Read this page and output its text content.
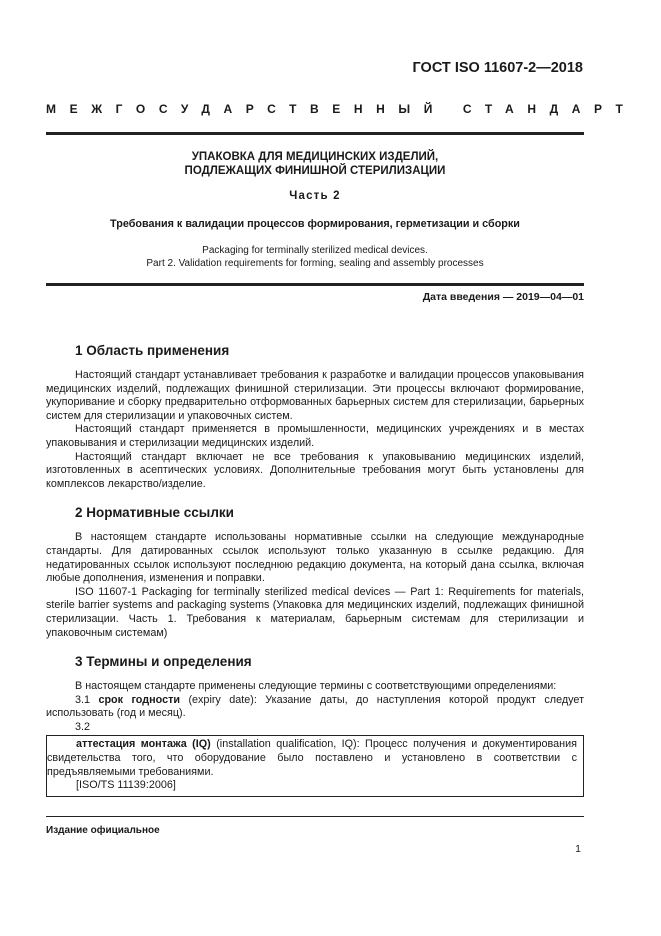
ГОСТ ISO 11607-2—2018
МЕЖГОСУДАРСТВЕННЫЙ СТАНДАРТ
УПАКОВКА ДЛЯ МЕДИЦИНСКИХ ИЗДЕЛИЙ,
ПОДЛЕЖАЩИХ ФИНИШНОЙ СТЕРИЛИЗАЦИИ
Часть 2
Требования к валидации процессов формирования, герметизации и сборки
Packaging for terminally sterilized medical devices.
Part 2. Validation requirements for forming, sealing and assembly processes
Дата введения — 2019—04—01
1 Область применения

Настоящий стандарт устанавливает требования к разработке и валидации процессов упаковывания медицинских изделий, подлежащих финишной стерилизации. Эти процессы включают формирование, укупоривание и сборку предварительно отформованных барьерных систем для стерилизации, барьерных систем для стерилизации и упаковочных систем.

Настоящий стандарт применяется в промышленности, медицинских учреждениях и в местах упаковывания и стерилизации медицинских изделий.

Настоящий стандарт включает не все требования к упаковыванию медицинских изделий, изготовленных в асептических условиях. Дополнительные требования могут быть установлены для комплексов лекарство/изделие.

2 Нормативные ссылки

В настоящем стандарте использованы нормативные ссылки на следующие международные стандарты. Для датированных ссылок используют только указанную в ссылке редакцию. Для недатированных ссылок используют последнюю редакцию документа, на который дана ссылка, включая любые дополнения, изменения и поправки.

ISO 11607-1 Packaging for terminally sterilized medical devices — Part 1: Requirements for materials, sterile barrier systems and packaging systems (Упаковка для медицинских изделий, подлежащих финишной стерилизации. Часть 1. Требования к материалам, барьерным системам для стерилизации и упаковочным системам)

3 Термины и определения

В настоящем стандарте применены следующие термины с соответствующими определениями:

3.1 срок годности (expiry date): Указание даты, до наступления которой продукт следует использовать (год и месяц).

3.2

аттестация монтажа (IQ) (installation qualification, IQ): Процесс получения и документирования свидетельства того, что оборудование было поставлено и установлено в соответствии с предъявляемыми требованиями.

[ISO/TS 11139:2006]

Издание официальное
1
